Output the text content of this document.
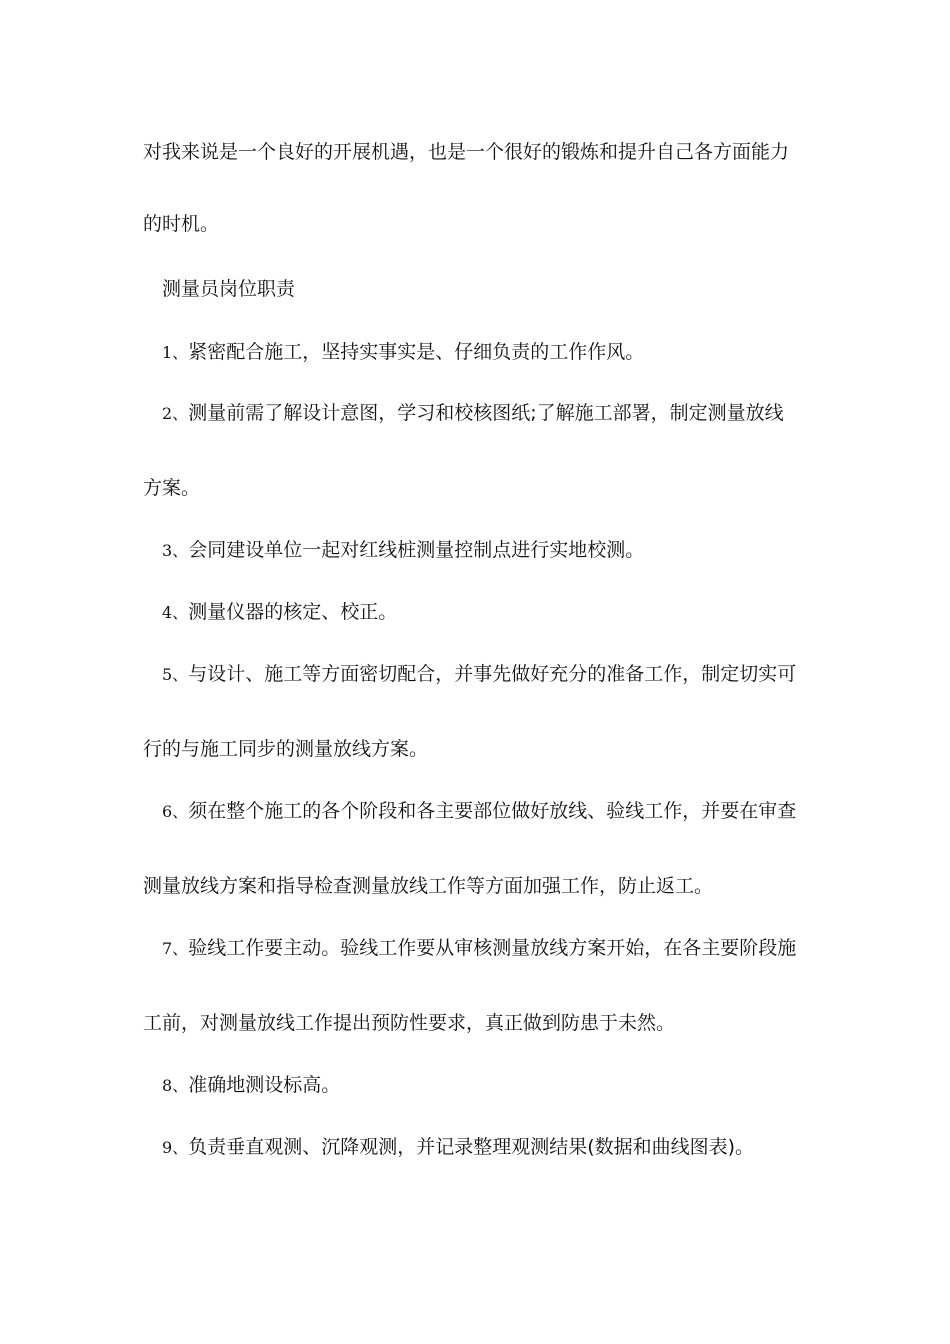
对我来说是一个良好的开展机遇，也是一个很好的锻炼和提升自己各方面能力
的时机。
测量员岗位职责
1、紧密配合施工，坚持实事实是、仔细负责的工作作风。
2、测量前需了解设计意图，学习和校核图纸;了解施工部署，制定测量放线
方案。
3、会同建设单位一起对红线桩测量控制点进行实地校测。
4、测量仪器的核定、校正。
5、与设计、施工等方面密切配合，并事先做好充分的准备工作，制定切实可
行的与施工同步的测量放线方案。
6、须在整个施工的各个阶段和各主要部位做好放线、验线工作，并要在审查
测量放线方案和指导检查测量放线工作等方面加强工作，防止返工。
7、验线工作要主动。验线工作要从审核测量放线方案开始，在各主要阶段施
工前，对测量放线工作提出预防性要求，真正做到防患于未然。
8、准确地测设标高。
9、负责垂直观测、沉降观测，并记录整理观测结果(数据和曲线图表)。
